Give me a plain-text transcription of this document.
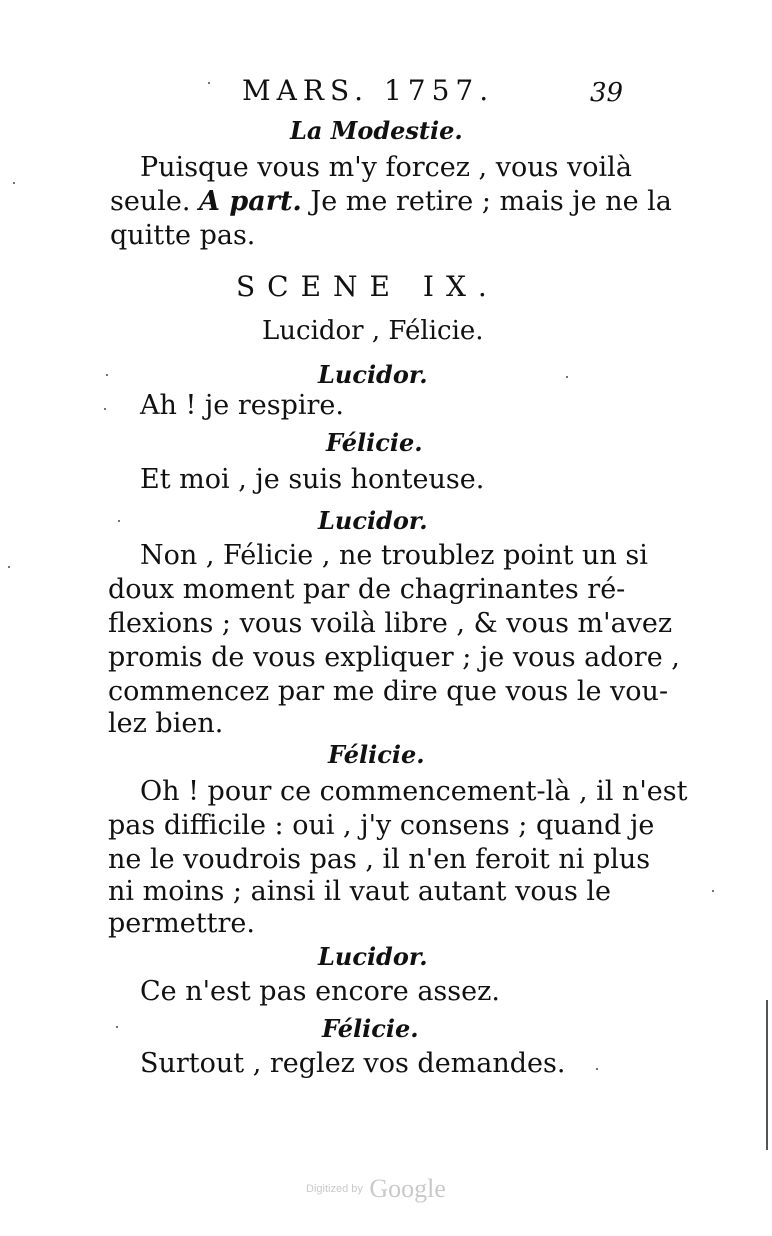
MARS. 1757.	39
La Modestie.
Puisque vous m'y forcez , vous voilà
seule. A part. Je me retire ; mais je ne la
quitte pas.
SCENE IX.
Lucidor , Félicie.
Lucidor.
Ah ! je respire.
Félicie.
Et moi , je suis honteuse.
Lucidor.
Non , Félicie , ne troublez point un si
doux moment par de chagrinantes ré-
flexions ; vous voilà libre , & vous m'avez
promis de vous expliquer ; je vous adore ,
commencez par me dire que vous le vou-
lez bien.
Félicie.
Oh ! pour ce commencement-là , il n'est
pas difficile : oui , j'y consens ; quand je
ne le voudrois pas , il n'en feroit ni plus
ni moins ; ainsi il vaut autant vous le
permettre.
Lucidor.
Ce n'est pas encore assez.
Félicie.
Surtout , reglez vos demandes.
Digitized by Google
